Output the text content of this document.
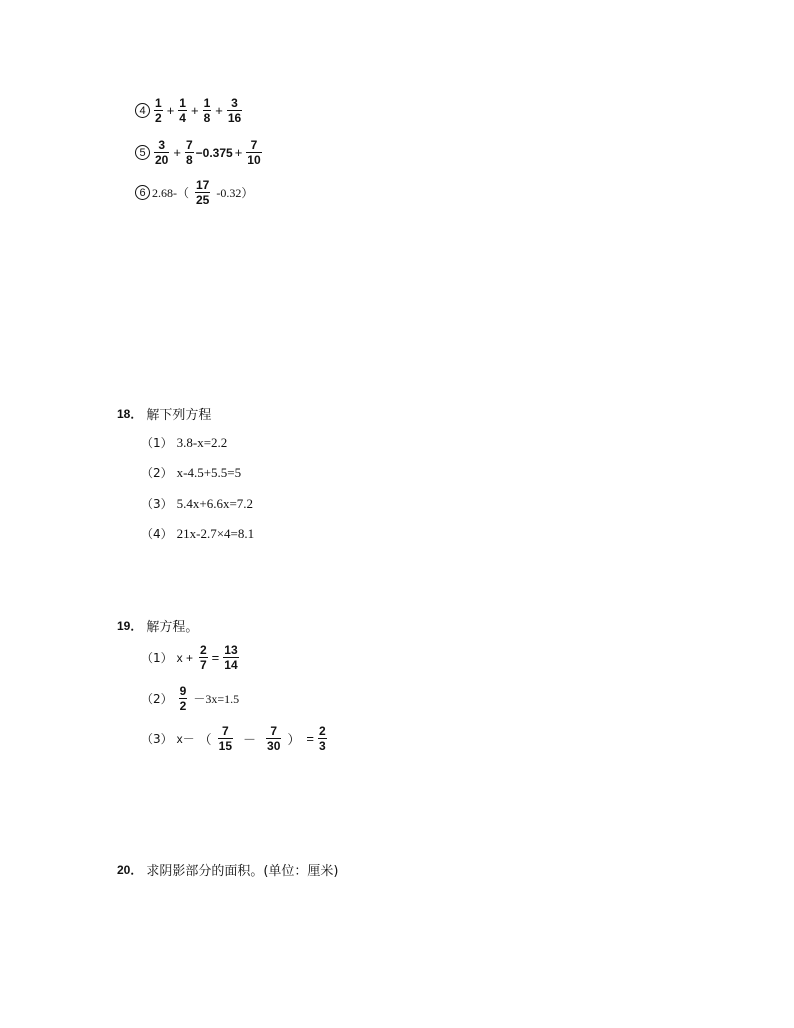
$4 \frac{1}{2} + \frac{1}{4} + \frac{1}{8} + \frac{3}{16}$
$5 \frac{3}{20} + \frac{7}{8} -0.375 + \frac{7}{10}$
6 $2.68-( \frac{17}{25} -0.32)$
18． 解下列方程
（1） 3.8-x=2.2
（2） x-4.5+5.5=5
（3） 5.4x+6.6x=7.2
（4） 21x-2.7×4=8.1
19． 解方程。
（1） $x + \frac{2}{7} = \frac{13}{14}$
$(2) \frac{9}{2} -3x=1.5$
（3） x－ （ $\frac{7}{15} - \frac{7}{30}$ ） = $\frac{2}{3}$
20． 求阴影部分的面积。(单位：厘米)
